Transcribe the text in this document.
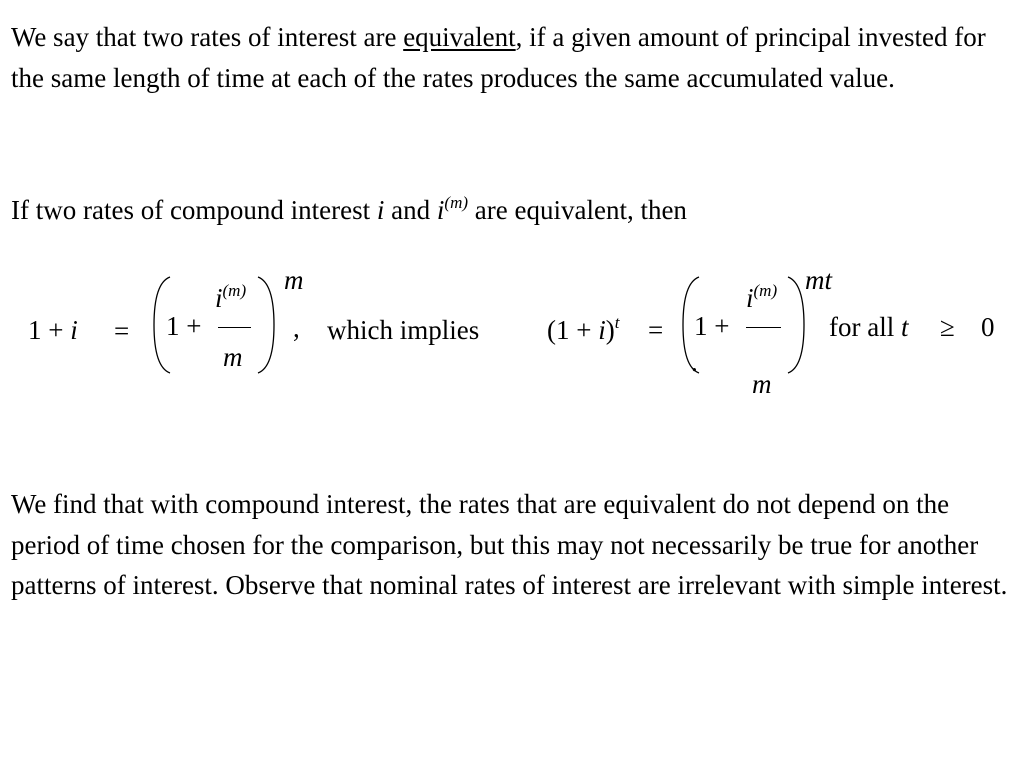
We say that two rates of interest are equivalent, if a given amount of principal invested for the same length of time at each of the rates produces the same accumulated value.

If two rates of compound interest i and $i^{(m)}$ are equivalent, then

1 + i = 1 +
$i^{(m)}$
m
m
, which implies	$(1 + i)^t = 1$ +
$i^{(m)}$
m
.
mt
for all t ≥ 0

We find that with compound interest, the rates that are equivalent do not depend on the period of time chosen for the comparison, but this may not necessarily be true for another patterns of interest. Observe that nominal rates of interest are irrelevant with simple interest.
